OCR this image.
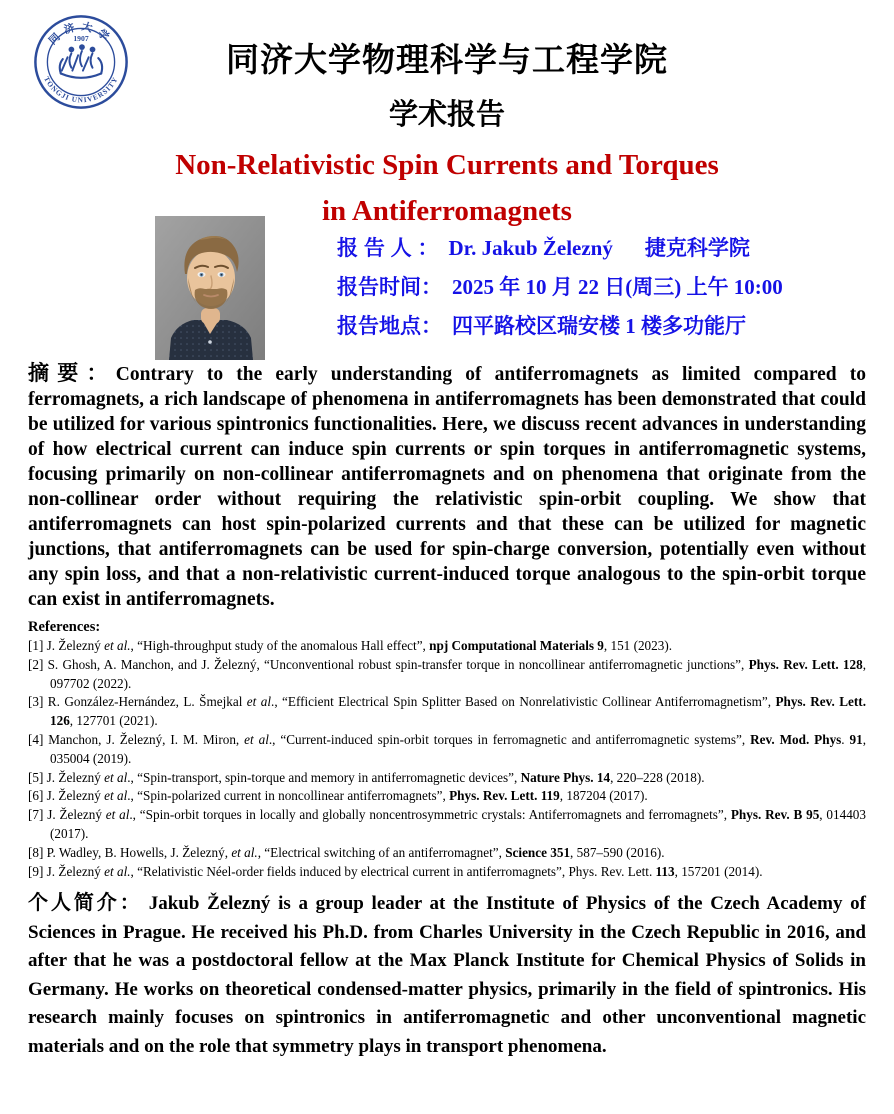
同济大学
1907
TONGJI UNIVERSITY
同济大学物理科学与工程学院
学术报告
Non-Relativistic Spin Currents and Torques
in Antiferromagnets
报 告 人 ： Dr. Jakub Železný 捷克科学院
报告时间： 2025 年 10 月 22 日(周三) 上午 10:00
报告地点： 四平路校区瑞安楼 1 楼多功能厅

摘要：Contrary to the early understanding of antiferromagnets as limited compared to ferromagnets, a rich landscape of phenomena in antiferromagnets has been demonstrated that could be utilized for various spintronics functionalities. Here, we discuss recent advances in understanding of how electrical current can induce spin currents or spin torques in antiferromagnetic systems, focusing primarily on non-collinear antiferromagnets and on phenomena that originate from the non-collinear order without requiring the relativistic spin-orbit coupling. We show that antiferromagnets can host spin-polarized currents and that these can be utilized for magnetic junctions, that antiferromagnets can be used for spin-charge conversion, potentially even without any spin loss, and that a non-relativistic current-induced torque analogous to the spin-orbit torque can exist in antiferromagnets.

References:
[1] J. Železný et al., “High-throughput study of the anomalous Hall effect”, npj Computational Materials 9, 151 (2023).
[2] S. Ghosh, A. Manchon, and J. Železný, “Unconventional robust spin-transfer torque in noncollinear antiferromagnetic junctions”, Phys. Rev. Lett. 128, 097702 (2022).
[3] R. González-Hernández, L. Šmejkal et al., “Efficient Electrical Spin Splitter Based on Nonrelativistic Collinear Antiferromagnetism”, Phys. Rev. Lett. 126, 127701 (2021).
[4] Manchon, J. Železný, I. M. Miron, et al., “Current-induced spin-orbit torques in ferromagnetic and antiferromagnetic systems”, Rev. Mod. Phys. 91, 035004 (2019).
[5] J. Železný et al., “Spin-transport, spin-torque and memory in antiferromagnetic devices”, Nature Phys. 14, 220–228 (2018).
[6] J. Železný et al., “Spin-polarized current in noncollinear antiferromagnets”, Phys. Rev. Lett. 119, 187204 (2017).
[7] J. Železný et al., “Spin-orbit torques in locally and globally noncentrosymmetric crystals: Antiferromagnets and ferromagnets”, Phys. Rev. B 95, 014403 (2017).
[8] P. Wadley, B. Howells, J. Železný, et al., “Electrical switching of an antiferromagnet”, Science 351, 587–590 (2016).
[9] J. Železný et al., “Relativistic Néel-order fields induced by electrical current in antiferromagnets”, Phys. Rev. Lett. 113, 157201 (2014).

个人简介： Jakub Železný is a group leader at the Institute of Physics of the Czech Academy of Sciences in Prague. He received his Ph.D. from Charles University in the Czech Republic in 2016, and after that he was a postdoctoral fellow at the Max Planck Institute for Chemical Physics of Solids in Germany. He works on theoretical condensed-matter physics, primarily in the field of spintronics. His research mainly focuses on spintronics in antiferromagnetic and other unconventional magnetic materials and on the role that symmetry plays in transport phenomena.
